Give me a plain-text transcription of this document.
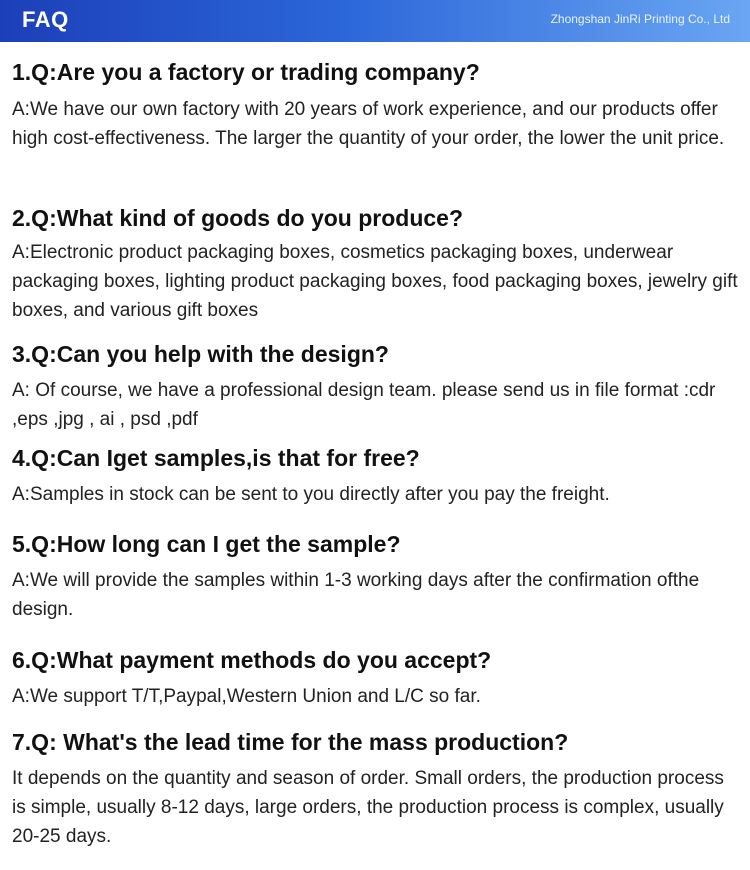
FAQ	Zhongshan JinRi Printing Co., Ltd
1.Q:Are you a factory or trading company?
A:We have our own factory with 20 years of work experience, and our products offer high cost-effectiveness. The larger the quantity of your order, the lower the unit price.
2.Q:What kind of goods do you produce?
A:Electronic product packaging boxes, cosmetics packaging boxes, underwear packaging boxes, lighting product packaging boxes, food packaging boxes, jewelry gift boxes, and various gift boxes
3.Q:Can you help with the design?
A: Of course, we have a professional design team. please send us in file format :cdr ,eps ,jpg , ai , psd ,pdf
4.Q:Can Iget samples,is that for free?
A:Samples in stock can be sent to you directly after you pay the freight.
5.Q:How long can I get the sample?
A:We will provide the samples within 1-3 working days after the confirmation ofthe design.
6.Q:What payment methods do you accept?
A:We support T/T,Paypal,Western Union and L/C so far.
7.Q: What's the lead time for the mass production?
It depends on the quantity and season of order. Small orders, the production process is simple, usually 8-12 days, large orders, the production process is complex, usually 20-25 days.
